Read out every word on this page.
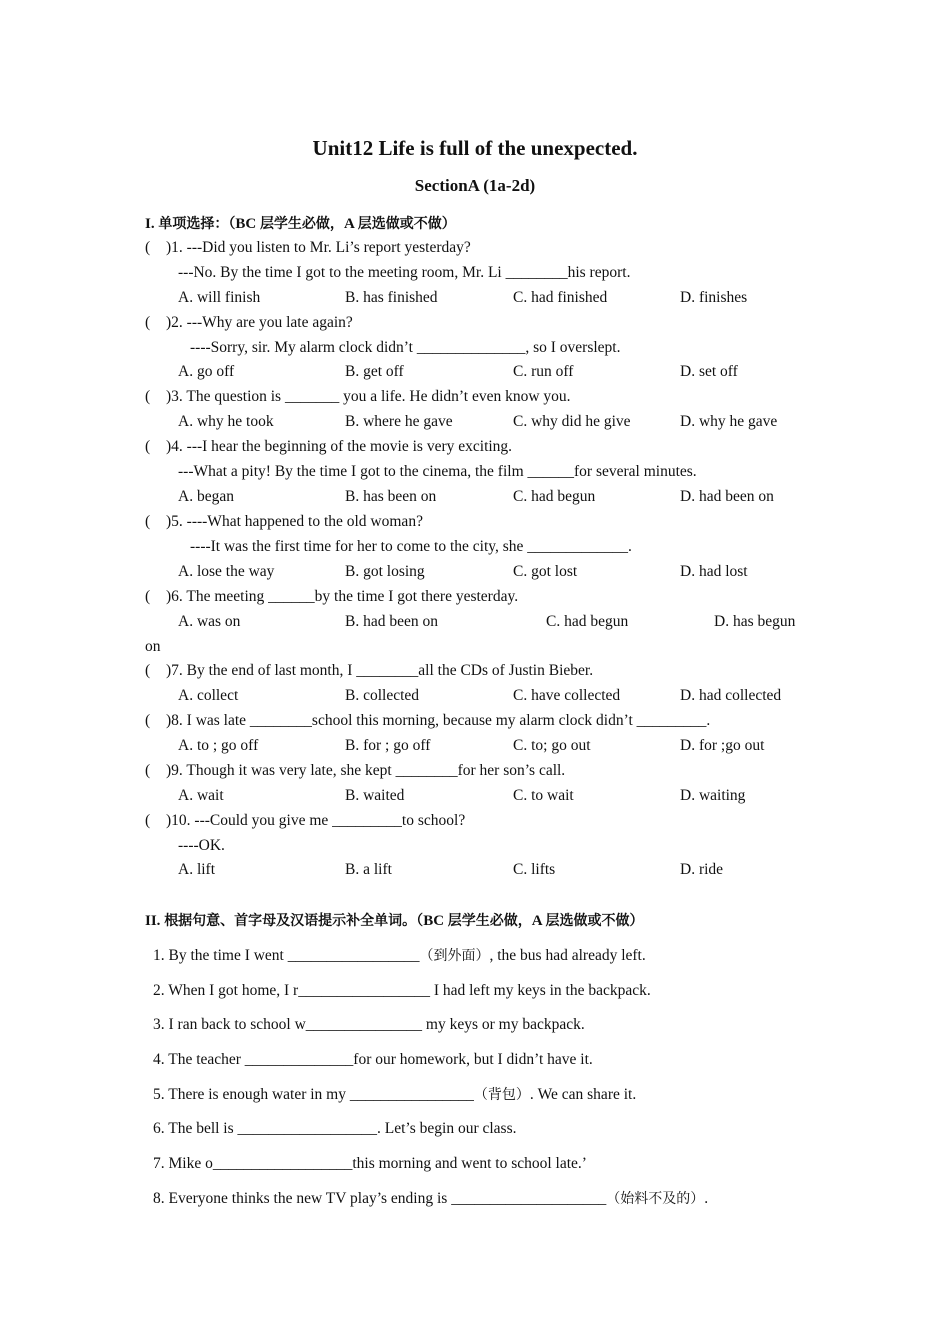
Unit12 Life is full of the unexpected.
SectionA (1a-2d)
I. 单项选择：（BC 层学生必做，A 层选做或不做）
( )1. ---Did you listen to Mr. Li’s report yesterday?
---No. By the time I got to the meeting room, Mr. Li ________his report.
A. will finish	B. has finished	C. had finished	D. finishes
( )2. ---Why are you late again?
----Sorry, sir. My alarm clock didn’t ______________, so I overslept.
A. go off	B. get off	C. run off	D. set off
( )3. The question is _______ you a life. He didn’t even know you.
A. why he took	B. where he gave	C. why did he give	D. why he gave
( )4. ---I hear the beginning of the movie is very exciting.
---What a pity! By the time I got to the cinema, the film ______for several minutes.
A. began	B. has been on	C. had begun	D. had been on
( )5. ----What happened to the old woman?
----It was the first time for her to come to the city, she _____________.
A. lose the way	B. got losing	C. got lost	D. had lost
( )6. The meeting ______by the time I got there yesterday.
A. was on	B. had been on	C. had begun	D. has begun
on
( )7. By the end of last month, I ________all the CDs of Justin Bieber.
A. collect	B. collected	C. have collected	D. had collected
( )8. I was late ________school this morning, because my alarm clock didn’t _________.
A. to ; go off	B. for ; go off	C. to; go out	D. for ;go out
( )9. Though it was very late, she kept ________for her son’s call.
A. wait	B. waited	C. to wait	D. waiting
( )10. ---Could you give me _________to school?
----OK.
A. lift	B. a lift	C. lifts	D. ride
II. 根据句意、首字母及汉语提示补全单词。（BC 层学生必做，A 层选做或不做）
1. By the time I went _________________（到外面）, the bus had already left.
2. When I got home, I r_________________ I had left my keys in the backpack.
3. I ran back to school w_______________ my keys or my backpack.
4. The teacher ______________for our homework, but I didn’t have it.
5. There is enough water in my ________________（背包）. We can share it.
6. The bell is __________________. Let’s begin our class.
7. Mike o__________________this morning and went to school late.’
8. Everyone thinks the new TV play’s ending is ____________________（始料不及的）.
